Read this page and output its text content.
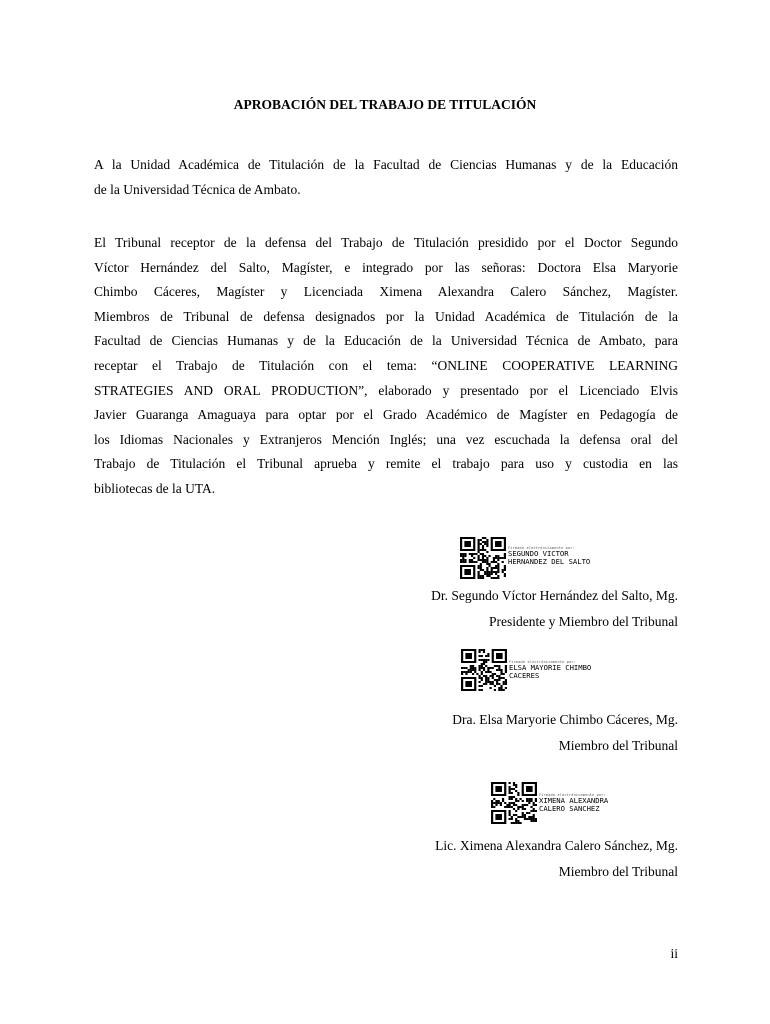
APROBACIÓN DEL TRABAJO DE TITULACIÓN

A la Unidad Académica de Titulación de la Facultad de Ciencias Humanas y de la Educación
de la Universidad Técnica de Ambato.

El Tribunal receptor de la defensa del Trabajo de Titulación presidido por el Doctor Segundo
Víctor Hernández del Salto, Magíster, e integrado por las señoras: Doctora Elsa Maryorie
Chimbo Cáceres, Magíster y Licenciada Ximena Alexandra Calero Sánchez, Magíster.
Miembros de Tribunal de defensa designados por la Unidad Académica de Titulación de la
Facultad de Ciencias Humanas y de la Educación de la Universidad Técnica de Ambato, para
receptar el Trabajo de Titulación con el tema: “ONLINE COOPERATIVE LEARNING
STRATEGIES AND ORAL PRODUCTION”, elaborado y presentado por el Licenciado Elvis
Javier Guaranga Amaguaya para optar por el Grado Académico de Magíster en Pedagogía de
los Idiomas Nacionales y Extranjeros Mención Inglés; una vez escuchada la defensa oral del
Trabajo de Titulación el Tribunal aprueba y remite el trabajo para uso y custodia en las
bibliotecas de la UTA.

Firmado electrónicamente por:
SEGUNDO VICTOR
HERNANDEZ DEL SALTO
Dr. Segundo Víctor Hernández del Salto, Mg.
Presidente y Miembro del Tribunal
Firmado electrónicamente por:
ELSA MAYORIE CHIMBO
CACERES
Dra. Elsa Maryorie Chimbo Cáceres, Mg.
Miembro del Tribunal
Firmado electrónicamente por:
XIMENA ALEXANDRA
CALERO SANCHEZ
Lic. Ximena Alexandra Calero Sánchez, Mg.
Miembro del Tribunal
ii
